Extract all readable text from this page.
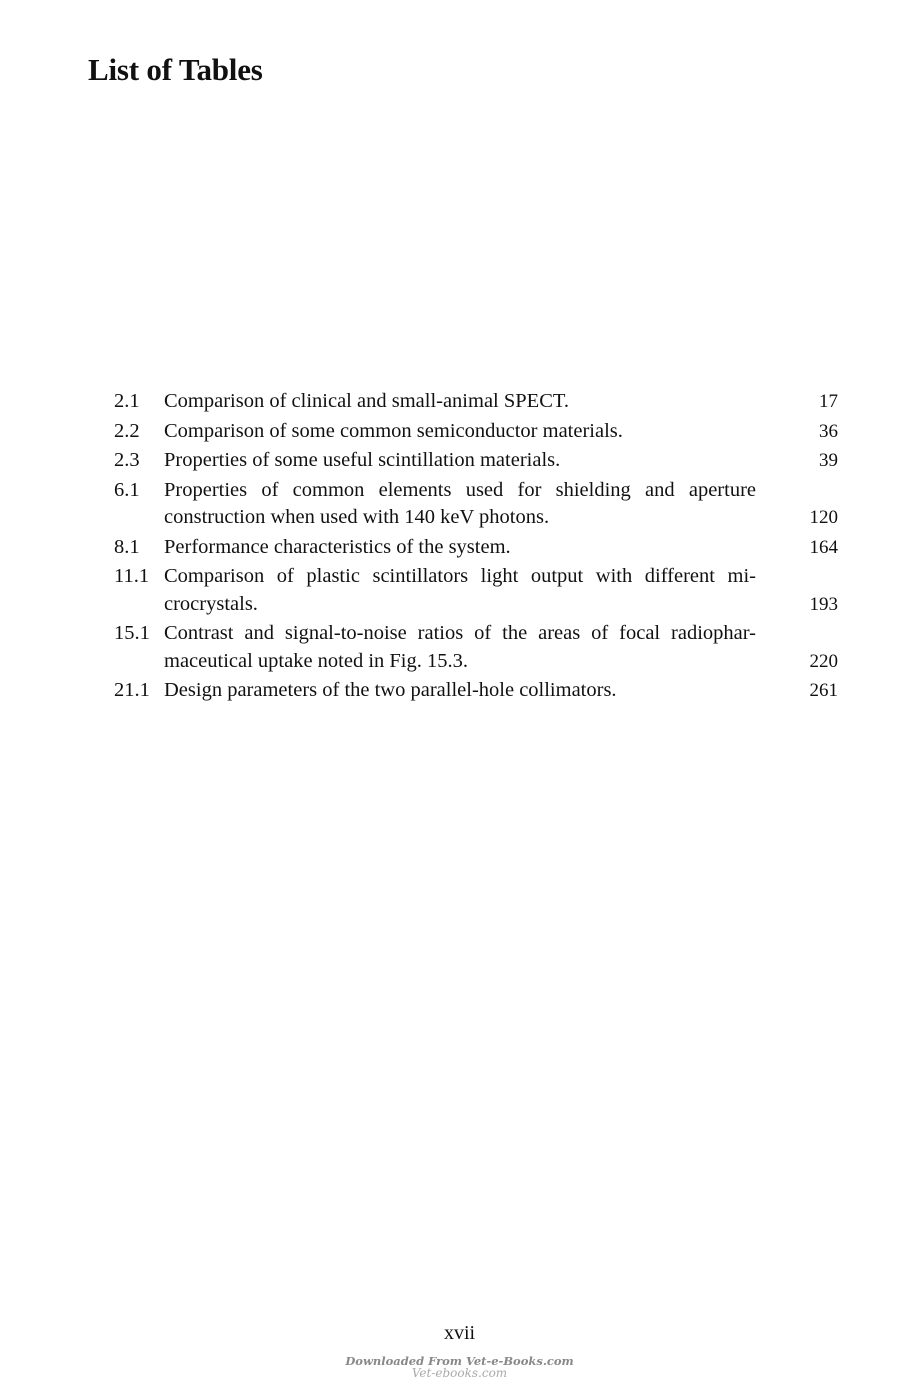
List of Tables
2.1	Comparison of clinical and small-animal SPECT.	17
2.2	Comparison of some common semiconductor materials.	36
2.3	Properties of some useful scintillation materials.	39
6.1	Properties of common elements used for shielding and aperture
construction when used with 140 keV photons.	120
8.1	Performance characteristics of the system.	164
11.1 Comparison of plastic scintillators light output with different mi-
crocrystals.	193
15.1 Contrast and signal-to-noise ratios of the areas of focal radiophar-
maceutical uptake noted in Fig. 15.3.	220
21.1 Design parameters of the two parallel-hole collimators.	261
xvii
Downloaded From Vet-e-Books.com
Vet-ebooks.com
